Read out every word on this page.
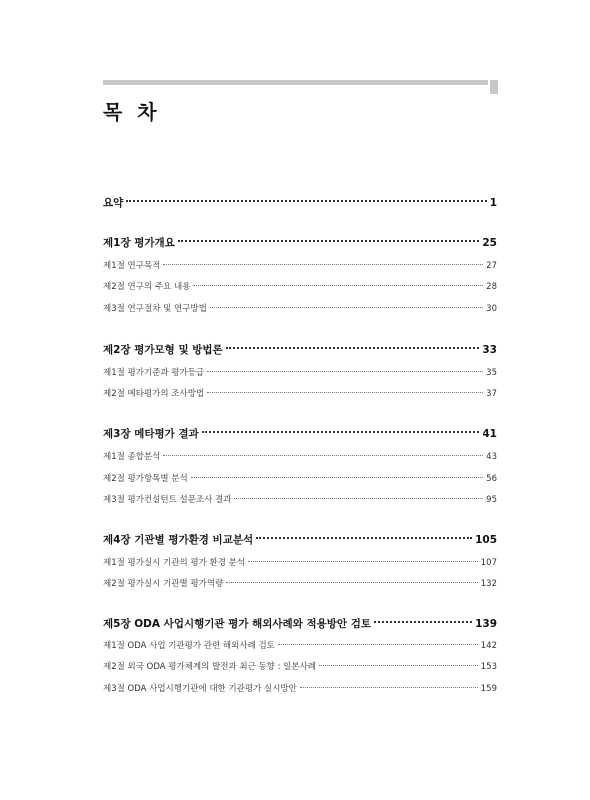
목 차
요약	1
제1장 평가개요	25
제1절 연구목적	27
제2절 연구의 주요 내용	28
제3절 연구절차 및 연구방법	30
제2장 평가모형 및 방법론	33
제1절 평가기준과 평가등급	35
제2절 메타평가의 조사방법	37
제3장 메타평가 결과	41
제1절 종합분석	43
제2절 평가항목별 분석	56
제3절 평가컨설턴트 설문조사 결과	95
제4장 기관별 평가환경 비교분석	105
제1절 평가실시 기관의 평가 환경 분석	107
제2절 평가실시 기관별 평가역량	132
제5장 ODA 사업시행기관 평가 해외사례와 적용방안 검토	139
제1절 ODA 사업 기관평가 관련 해외사례 검토	142
제2절 외국 ODA 평가체계의 발전과 최근 동향 : 일본사례	153
제3절 ODA 사업시행기관에 대한 기관평가 실시방안	159
